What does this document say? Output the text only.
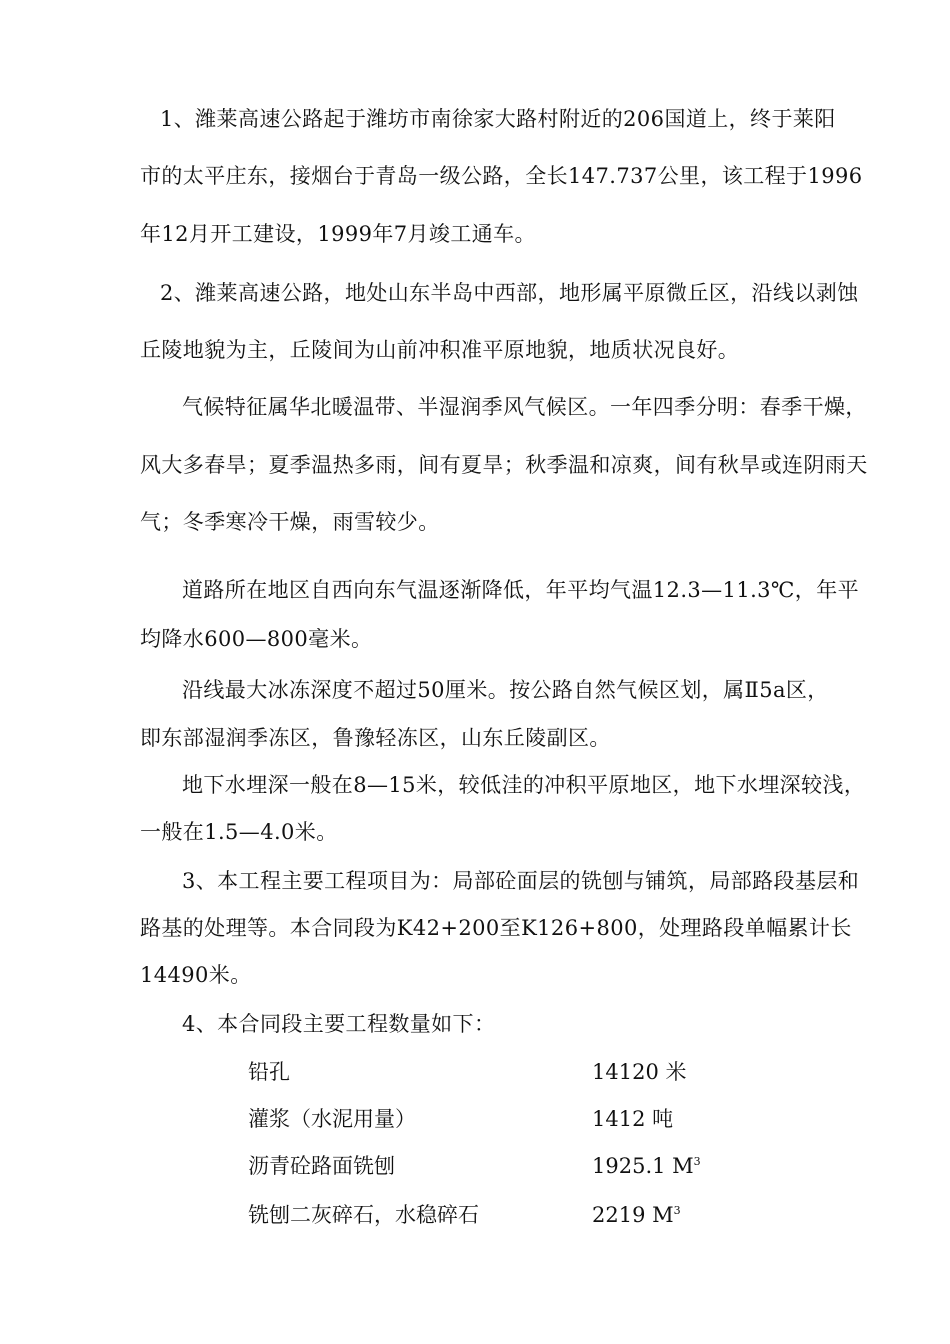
1、潍莱高速公路起于潍坊市南徐家大路村附近的206国道上，终于莱阳
市的太平庄东，接烟台于青岛一级公路，全长147.737公里，该工程于1996
年12月开工建设，1999年7月竣工通车。
2、潍莱高速公路，地处山东半岛中西部，地形属平原微丘区，沿线以剥蚀
丘陵地貌为主，丘陵间为山前冲积准平原地貌，地质状况良好。
气候特征属华北暖温带、半湿润季风气候区。一年四季分明：春季干燥，
风大多春旱；夏季温热多雨，间有夏旱；秋季温和凉爽，间有秋旱或连阴雨天
气；冬季寒冷干燥，雨雪较少。
道路所在地区自西向东气温逐渐降低，年平均气温12.3—11.3℃，年平
均降水600—800毫米。
沿线最大冰冻深度不超过50厘米。按公路自然气候区划，属Ⅱ5a区，
即东部湿润季冻区，鲁豫轻冻区，山东丘陵副区。
地下水埋深一般在8—15米，较低洼的冲积平原地区，地下水埋深较浅，
一般在1.5—4.0米。
3、本工程主要工程项目为：局部砼面层的铣刨与铺筑，局部路段基层和
路基的处理等。本合同段为K42+200至K126+800，处理路段单幅累计长
14490米。
4、本合同段主要工程数量如下：
铅孔	14120 米
灌浆（水泥用量）	1412 吨
沥青砼路面铣刨	1925.1 $M^3$
铣刨二灰碎石，水稳碎石	2219 $M^3$
